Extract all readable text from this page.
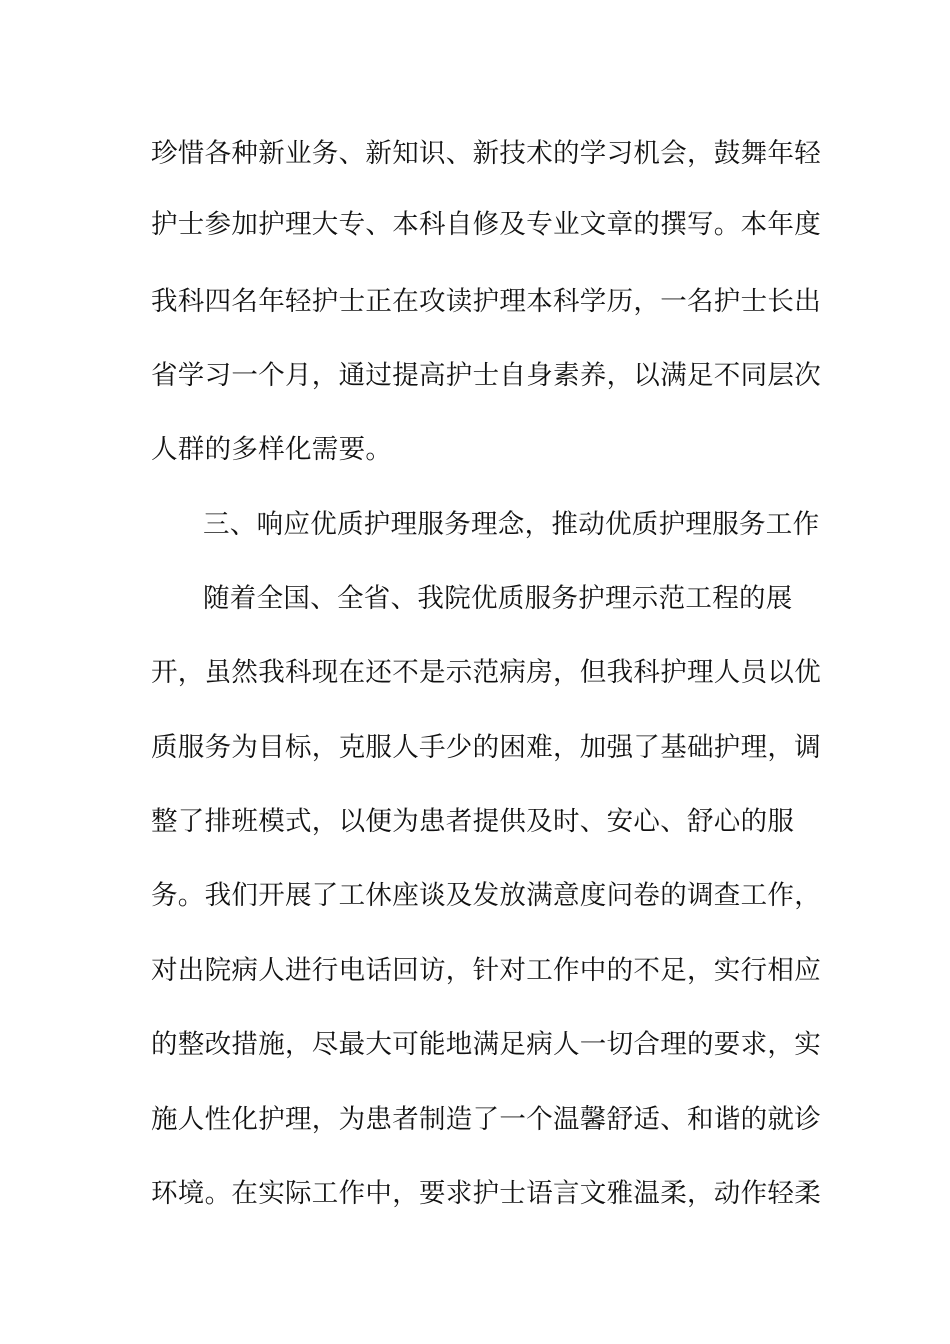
珍惜各种新业务、新知识、新技术的学习机会，鼓舞年轻
护士参加护理大专、本科自修及专业文章的撰写。本年度
我科四名年轻护士正在攻读护理本科学历，一名护士长出
省学习一个月，通过提高护士自身素养，以满足不同层次
人群的多样化需要。
三、响应优质护理服务理念，推动优质护理服务工作
随着全国、全省、我院优质服务护理示范工程的展
开，虽然我科现在还不是示范病房，但我科护理人员以优
质服务为目标，克服人手少的困难，加强了基础护理，调
整了排班模式，以便为患者提供及时、安心、舒心的服
务。我们开展了工休座谈及发放满意度问卷的调查工作，
对出院病人进行电话回访，针对工作中的不足，实行相应
的整改措施，尽最大可能地满足病人一切合理的要求，实
施人性化护理，为患者制造了一个温馨舒适、和谐的就诊
环境。在实际工作中，要求护士语言文雅温柔，动作轻柔
